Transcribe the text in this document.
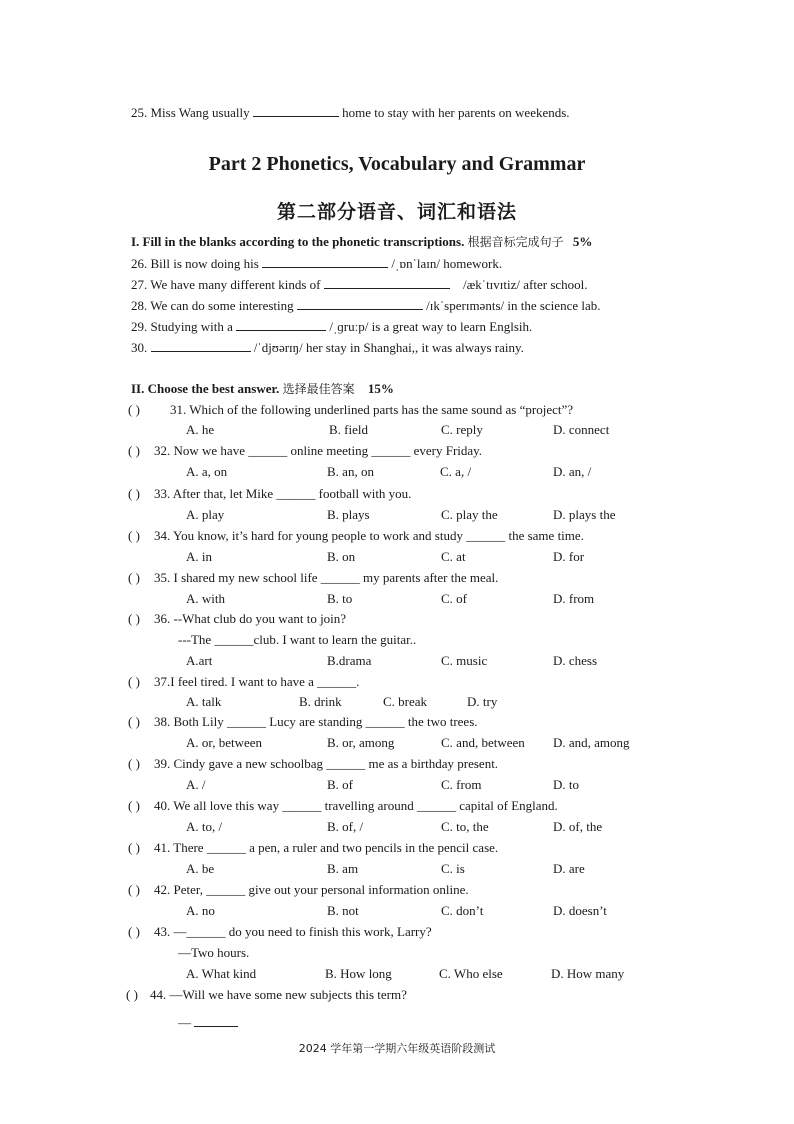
25. Miss Wang usually	home to stay with her parents on weekends.
Part 2 Phonetics, Vocabulary and Grammar
第二部分语音、词汇和语法
I. Fill in the blanks according to the phonetic transcriptions. 根据音标完成句子 5%
26. Bill is now doing his	/ˌɒnˈlaɪn/ homework.
27. We have many different kinds of	/ækˈtɪvɪtiz/ after school.
28. We can do some interesting	/ɪkˈsperɪmənts/ in the science lab.
29. Studying with a	/ˌɡruːp/ is a great way to learn Englsih.
30.	/ˈdjʊərɪŋ/ her stay in Shanghai,, it was always rainy.
II. Choose the best answer. 选择最佳答案 15%
( ) 31. Which of the following underlined parts has the same sound as “project”?
A. he	B. field	C. reply	D. connect
( ) 32. Now we have ______ online meeting ______ every Friday.
A. a, on	B. an, on	C. a, /	D. an, /
( ) 33. After that, let Mike ______ football with you.
A. play	B. plays	C. play the	D. plays the
( ) 34. You know, it’s hard for young people to work and study ______ the same time.
A. in	B. on	C. at	D. for
( ) 35. I shared my new school life ______ my parents after the meal.
A. with	B. to	C. of	D. from
( ) 36. --What club do you want to join?
---The ______club. I want to learn the guitar..
A.art	B.drama	C. music	D. chess
( ) 37.I feel tired. I want to have a ______.
A. talk	B. drink	C. break	D. try
( ) 38. Both Lily ______ Lucy are standing ______ the two trees.
A. or, between	B. or, among	C. and, between D. and, among
( ) 39. Cindy gave a new schoolbag ______ me as a birthday present.
A. /	B. of	C. from	D. to
( ) 40. We all love this way ______ travelling around ______ capital of England.
A. to, /	B. of, /	C. to, the	D. of, the
( ) 41. There ______ a pen, a ruler and two pencils in the pencil case.
A. be	B. am	C. is	D. are
( ) 42. Peter, ______ give out your personal information online.
A. no	B. not	C. don’t	D. doesn’t
( ) 43. —______ do you need to finish this work, Larry?
—Two hours.
A. What kind	B. How long	C. Who else	D. How many
( ) 44. —Will we have some new subjects this term?
—
2024 学年第一学期六年级英语阶段测试
